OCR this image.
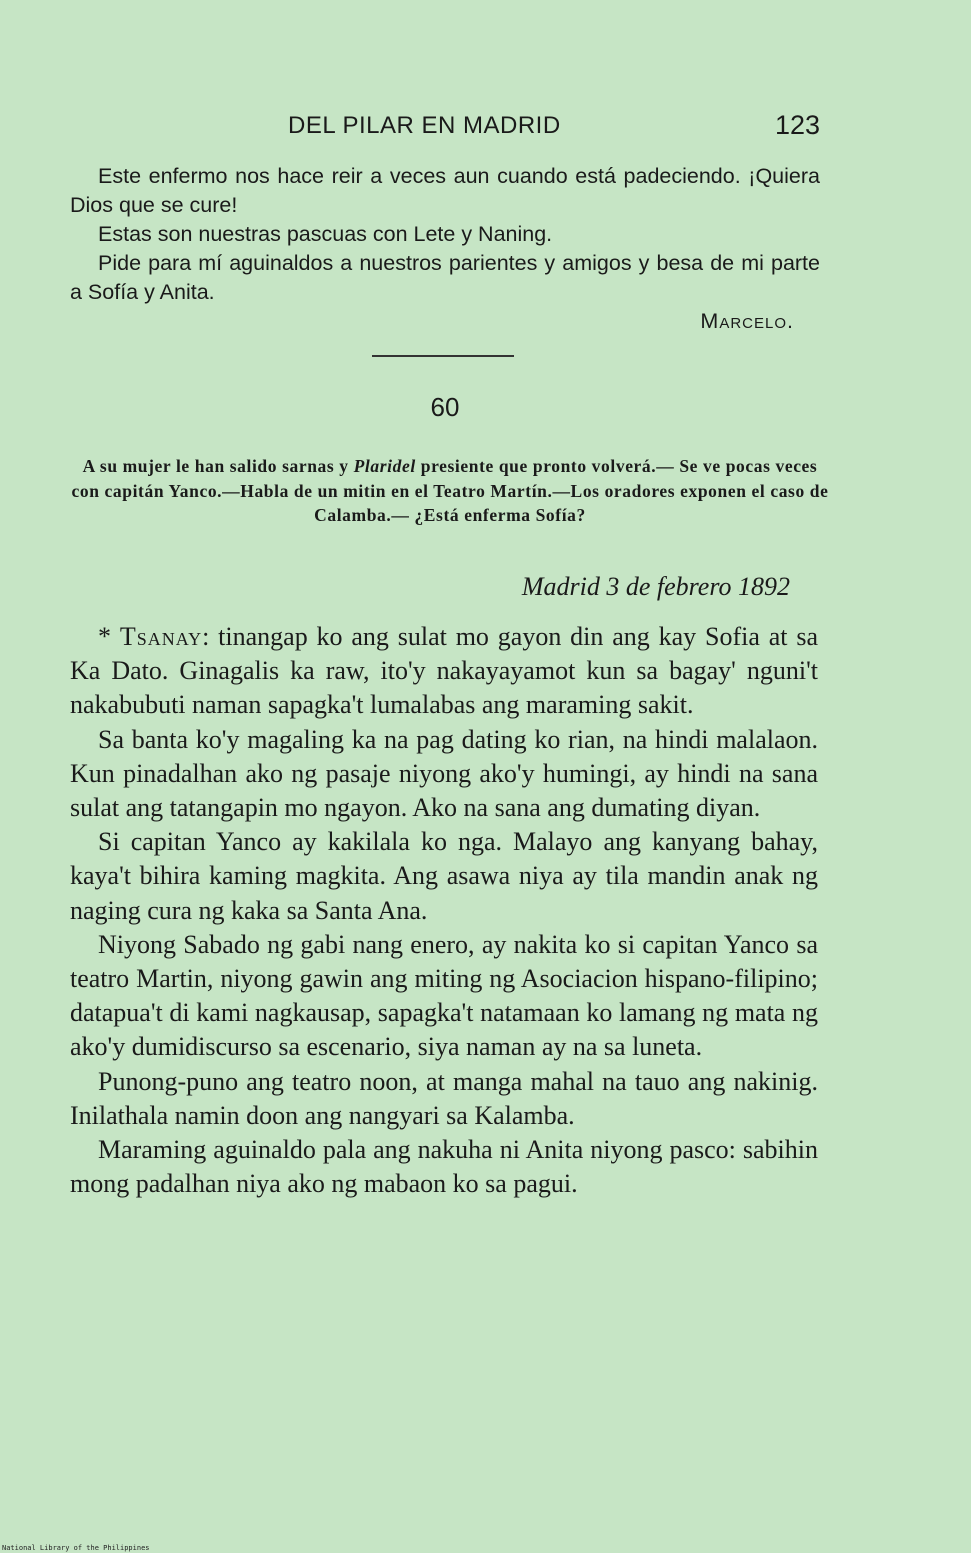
DEL PILAR EN MADRID	123

Este enfermo nos hace reir a veces aun cuando está padeciendo. ¡Quiera Dios que se cure!

Estas son nuestras pascuas con Lete y Naning.

Pide para mí aguinaldos a nuestros parientes y amigos y besa de mi parte a Sofía y Anita.

Marcelo.

60
A su mujer le han salido sarnas y Plaridel presiente que pronto volverá.— Se ve pocas veces con capitán Yanco.—Habla de un mitin en el Teatro Martín.—Los oradores exponen el caso de Calamba.— ¿Está enferma Sofía?
Madrid 3 de febrero 1892

* Tsanay: tinangap ko ang sulat mo gayon din ang kay Sofia at sa Ka Dato. Ginagalis ka raw, ito'y nakayayamot kun sa bagay' nguni't nakabubuti naman sapagka't lumalabas ang maraming sakit.

Sa banta ko'y magaling ka na pag dating ko rian, na hindi malalaon. Kun pinadalhan ako ng pasaje niyong ako'y humingi, ay hindi na sana sulat ang tatangapin mo ngayon. Ako na sana ang dumating diyan.

Si capitan Yanco ay kakilala ko nga. Malayo ang kanyang bahay, kaya't bihira kaming magkita. Ang asawa niya ay tila mandin anak ng naging cura ng kaka sa Santa Ana.

Niyong Sabado ng gabi nang enero, ay nakita ko si capitan Yanco sa teatro Martin, niyong gawin ang miting ng Asociacion hispano-filipino; datapua't di kami nagkausap, sapagka't natamaan ko lamang ng mata ng ako'y dumidiscurso sa escenario, siya naman ay na sa luneta.

Punong-puno ang teatro noon, at manga mahal na tauo ang nakinig. Inilathala namin doon ang nangyari sa Kalamba.

Maraming aguinaldo pala ang nakuha ni Anita niyong pasco: sabihin mong padalhan niya ako ng mabaon ko sa pagui.

National Library of the Philippines
